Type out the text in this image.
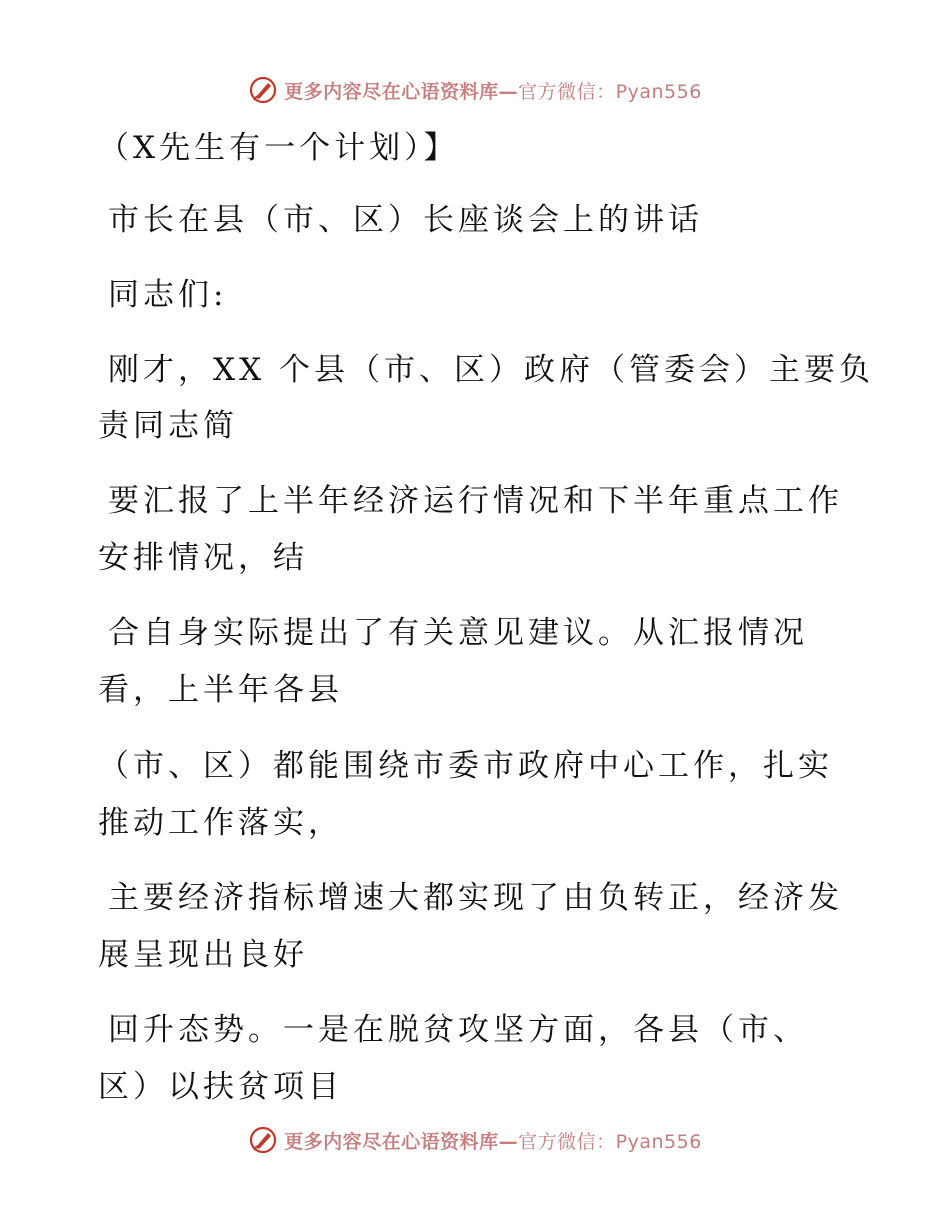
更多内容尽在心语资料库— 官方微信：Pyan556
（X先生有一个计划）】
市长在县（市、区）长座谈会上的讲话
同志们:
刚才，XX 个县（市、区）政府（管委会）主要负
责同志简
要汇报了上半年经济运行情况和下半年重点工作
安排情况，结
合自身实际提出了有关意见建议。从汇报情况
看，上半年各县
（市、区）都能围绕市委市政府中心工作，扎实
推动工作落实，
主要经济指标增速大都实现了由负转正，经济发
展呈现出良好
回升态势。一是在脱贫攻坚方面，各县（市、
区）以扶贫项目
更多内容尽在心语资料库— 官方微信：Pyan556
